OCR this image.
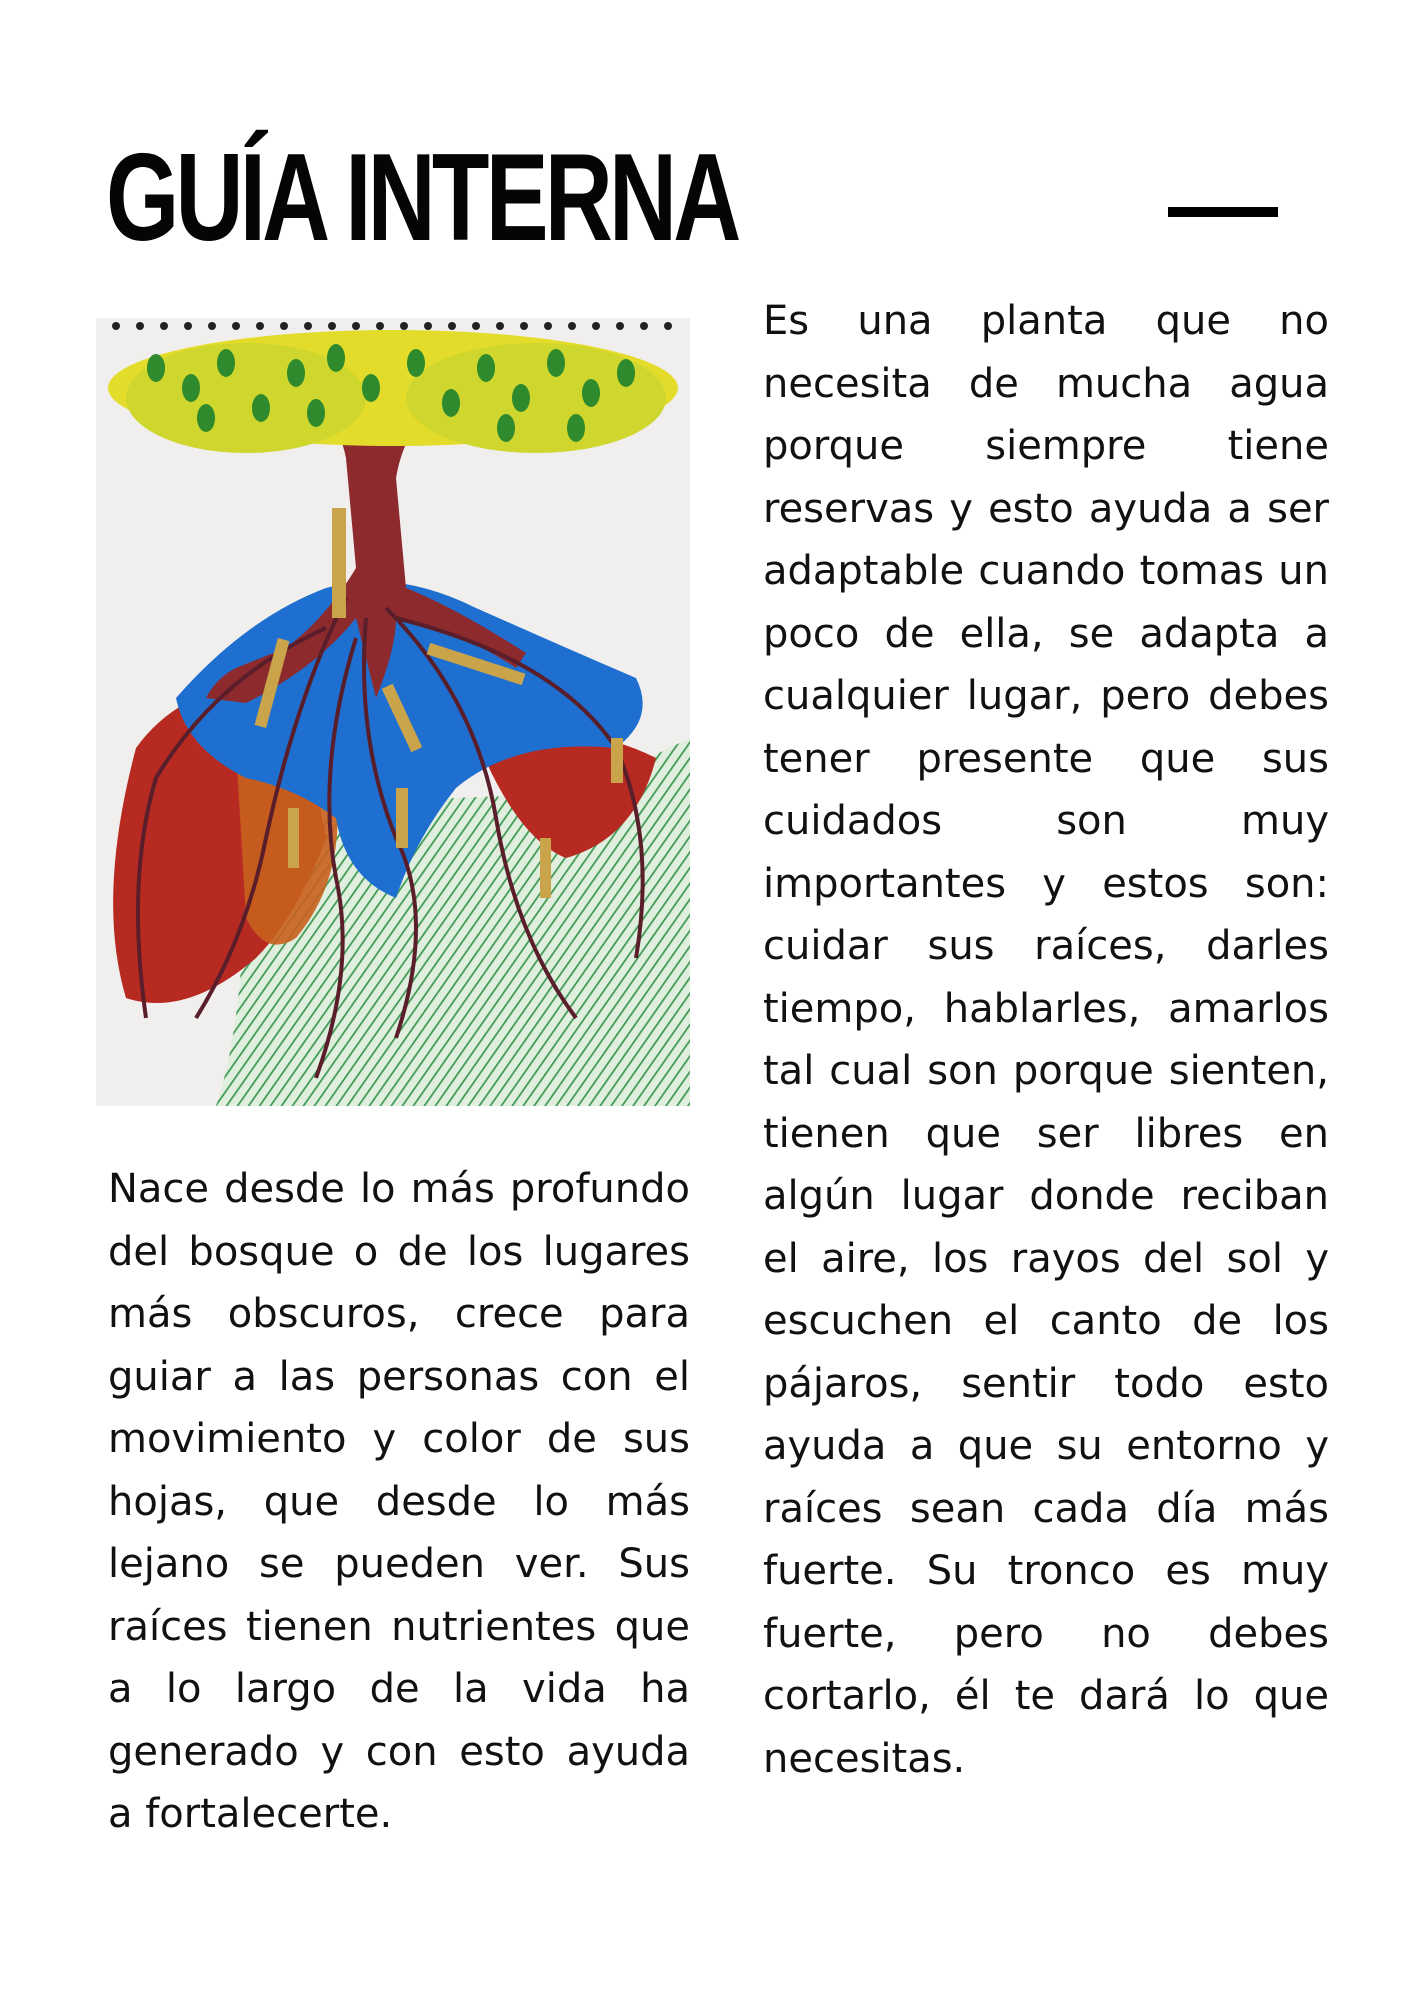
GUÍA INTERNA

Es una planta que no necesita de mucha agua porque siempre tiene reservas y esto ayuda a ser adaptable cuando tomas un poco de ella, se adapta a cualquier lugar, pero debes tener presente que sus cuidados son muy importantes y estos son: cuidar sus raíces, darles tiempo, hablarles, amarlos tal cual son porque sienten, tienen que ser libres en algún lugar donde reciban el aire, los rayos del sol y escuchen el canto de los pájaros, sentir todo esto ayuda a que su entorno y raíces sean cada día más fuerte. Su tronco es muy fuerte, pero no debes cortarlo, él te dará lo que necesitas.

Nace desde lo más profundo del bosque o de los lugares más obscuros, crece para guiar a las personas con el movimiento y color de sus hojas, que desde lo más lejano se pueden ver. Sus raíces tienen nutrientes que a lo largo de la vida ha generado y con esto ayuda a fortalecerte.
